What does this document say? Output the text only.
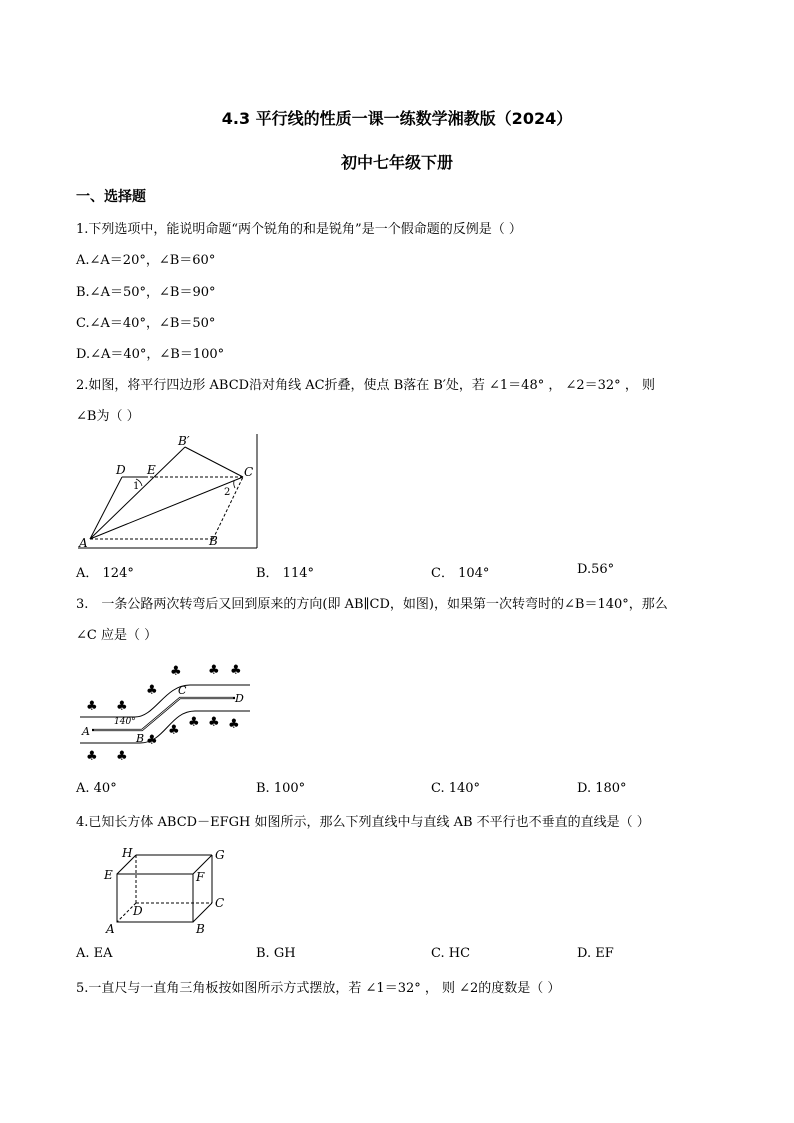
4.3 平行线的性质一课一练数学湘教版（2024）
初中七年级下册
一、选择题
1.下列选项中，能说明命题“两个锐角的和是锐角”是一个假命题的反例是（ ）
A.∠A＝20°，∠B＝60°
B.∠A＝50°，∠B＝90°
C.∠A＝40°，∠B＝50°
D.∠A＝40°，∠B＝100°
2.如图，将平行四边形 ABCD沿对角线 AC折叠，使点 B落在 B′处，若 ∠1＝48° ， ∠2＝32° ， 则
∠B为（ ）
A	B
C
D E
B′
1
2
A． 124°	B． 114°	C． 104°	D.56°
3.　一条公路两次转弯后又回到原来的方向(即 AB∥CD，如图)，如果第一次转弯时的∠B＝140°，那么
∠C 应是（ ）
♣ ♣
♣
♣ ♣ ♣
♣ ♣
♣
♣
♣ ♣ ♣
A
B
C
D
140°
A. 40°	B. 100°	C. 140°	D. 180°
4.已知长方体 ABCD－EFGH 如图所示，那么下列直线中与直线 AB 不平行也不垂直的直线是（ ）
H	G
E	F
D
C
A	B
A. EA	B. GH	C. HC	D. EF
5.一直尺与一直角三角板按如图所示方式摆放，若 ∠1＝32° ， 则 ∠2的度数是（ ）
